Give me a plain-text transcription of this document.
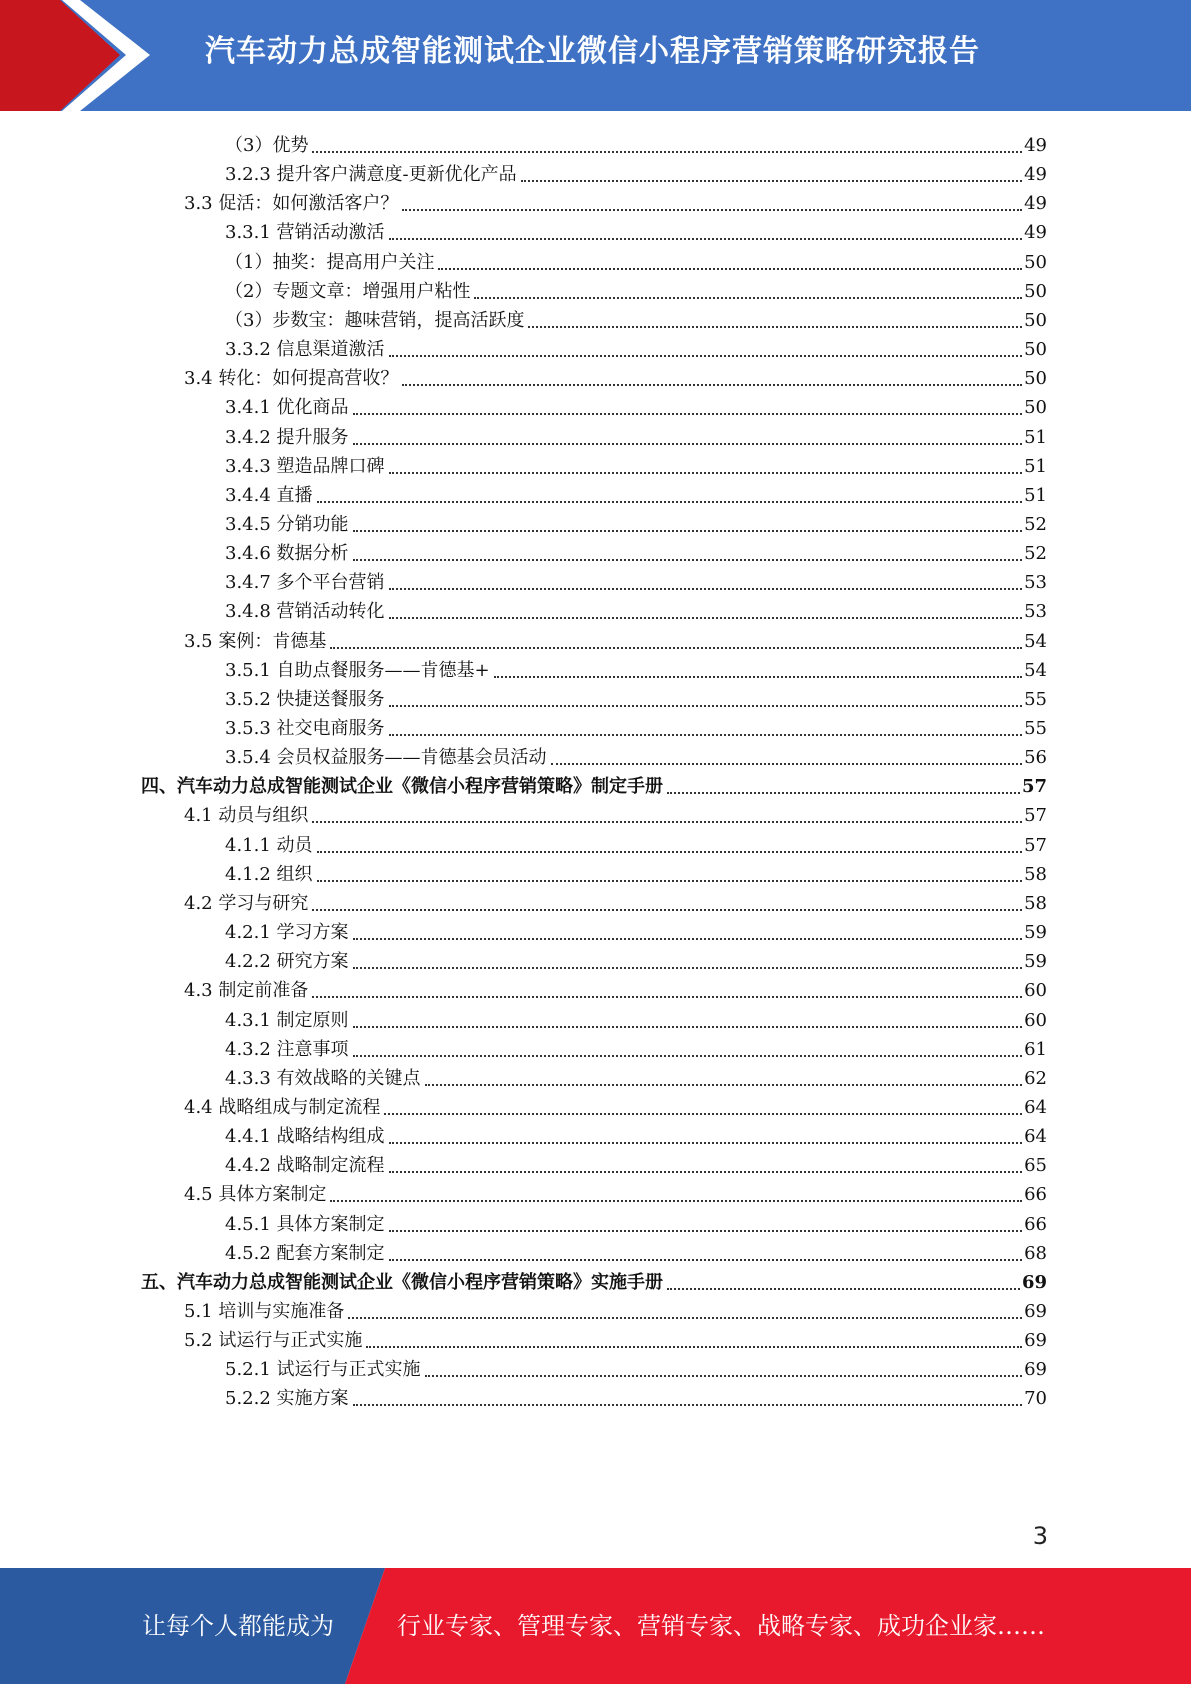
汽车动力总成智能测试企业微信小程序营销策略研究报告
（3）优势	49
3.2.3 提升客户满意度-更新优化产品	49
3.3 促活：如何激活客户？	49
3.3.1 营销活动激活	49
（1）抽奖：提高用户关注	50
（2）专题文章：增强用户粘性	50
（3）步数宝：趣味营销，提高活跃度	50
3.3.2 信息渠道激活	50
3.4 转化：如何提高营收？	50
3.4.1 优化商品	50
3.4.2 提升服务	51
3.4.3 塑造品牌口碑	51
3.4.4 直播	51
3.4.5 分销功能	52
3.4.6 数据分析	52
3.4.7 多个平台营销	53
3.4.8 营销活动转化	53
3.5 案例：肯德基	54
3.5.1 自助点餐服务——肯德基+	54
3.5.2 快捷送餐服务	55
3.5.3 社交电商服务	55
3.5.4 会员权益服务——肯德基会员活动	56
四、汽车动力总成智能测试企业《微信小程序营销策略》制定手册	57
4.1 动员与组织	57
4.1.1 动员	57
4.1.2 组织	58
4.2 学习与研究	58
4.2.1 学习方案	59
4.2.2 研究方案	59
4.3 制定前准备	60
4.3.1 制定原则	60
4.3.2 注意事项	61
4.3.3 有效战略的关键点	62
4.4 战略组成与制定流程	64
4.4.1 战略结构组成	64
4.4.2 战略制定流程	65
4.5 具体方案制定	66
4.5.1 具体方案制定	66
4.5.2 配套方案制定	68
五、汽车动力总成智能测试企业《微信小程序营销策略》实施手册	69
5.1 培训与实施准备	69
5.2 试运行与正式实施	69
5.2.1 试运行与正式实施	69
5.2.2 实施方案	70
3
让每个人都能成为	行业专家、管理专家、营销专家、战略专家、成功企业家……
